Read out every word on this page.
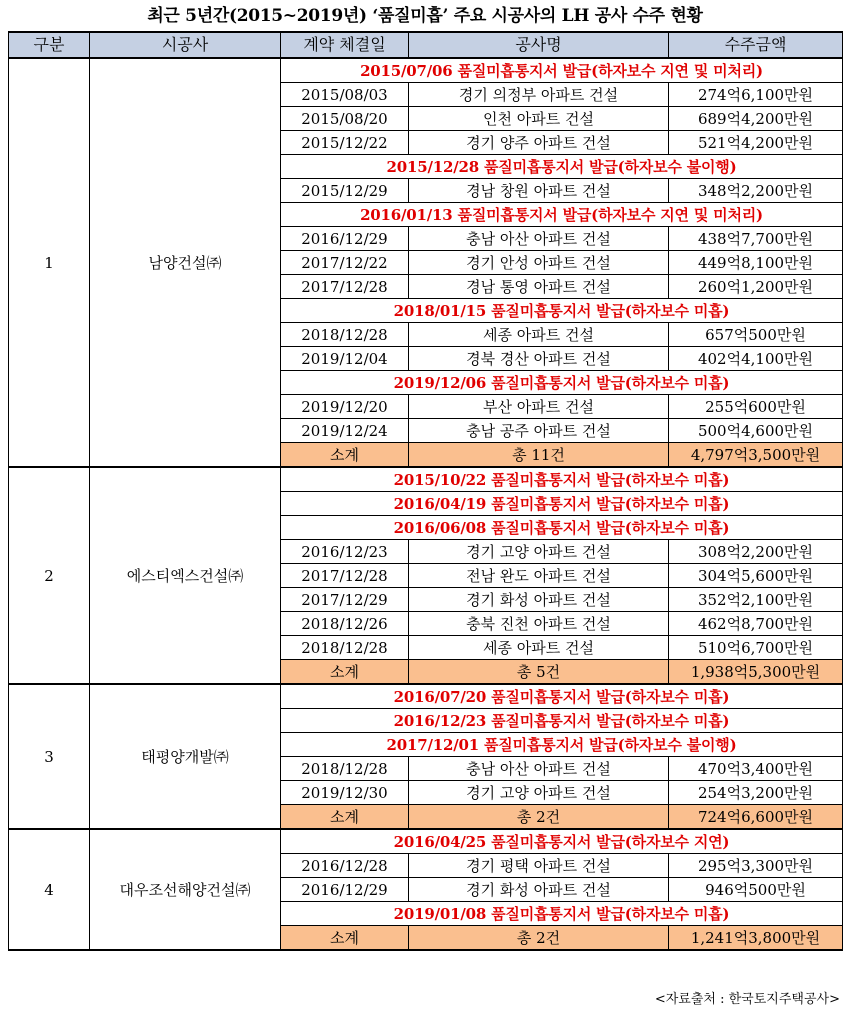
최근 5년간(2015~2019년) ‘품질미흡’ 주요 시공사의 LH 공사 수주 현황
구분	시공사	계약 체결일	공사명	수주금액
1	남양건설㈜	2015/07/06 품질미흡통지서 발급(하자보수 지연 및 미처리)		
		2015/08/03	경기 의정부 아파트 건설	274억6,100만원
		2015/08/20	인천 아파트 건설	689억4,200만원
		2015/12/22	경기 양주 아파트 건설	521억4,200만원
		2015/12/28 품질미흡통지서 발급(하자보수 불이행)		
		2015/12/29	경남 창원 아파트 건설	348억2,200만원
		2016/01/13 품질미흡통지서 발급(하자보수 지연 및 미처리)		
		2016/12/29	충남 아산 아파트 건설	438억7,700만원
		2017/12/22	경기 안성 아파트 건설	449억8,100만원
		2017/12/28	경남 통영 아파트 건설	260억1,200만원
		2018/01/15 품질미흡통지서 발급(하자보수 미흡)		
		2018/12/28	세종 아파트 건설	657억500만원
		2019/12/04	경북 경산 아파트 건설	402억4,100만원
		2019/12/06 품질미흡통지서 발급(하자보수 미흡)		
		2019/12/20	부산 아파트 건설	255억600만원
		2019/12/24	충남 공주 아파트 건설	500억4,600만원
		소계	총 11건	4,797억3,500만원
2	에스티엑스건설㈜	2015/10/22 품질미흡통지서 발급(하자보수 미흡)		
		2016/04/19 품질미흡통지서 발급(하자보수 미흡)		
		2016/06/08 품질미흡통지서 발급(하자보수 미흡)		
		2016/12/23	경기 고양 아파트 건설	308억2,200만원
		2017/12/28	전남 완도 아파트 건설	304억5,600만원
		2017/12/29	경기 화성 아파트 건설	352억2,100만원
		2018/12/26	충북 진천 아파트 건설	462억8,700만원
		2018/12/28	세종 아파트 건설	510억6,700만원
		소계	총 5건	1,938억5,300만원
3	태평양개발㈜	2016/07/20 품질미흡통지서 발급(하자보수 미흡)		
		2016/12/23 품질미흡통지서 발급(하자보수 미흡)		
		2017/12/01 품질미흡통지서 발급(하자보수 불이행)		
		2018/12/28	충남 아산 아파트 건설	470억3,400만원
		2019/12/30	경기 고양 아파트 건설	254억3,200만원
		소계	총 2건	724억6,600만원
4	대우조선해양건설㈜	2016/04/25 품질미흡통지서 발급(하자보수 지연)		
		2016/12/28	경기 평택 아파트 건설	295억3,300만원
		2016/12/29	경기 화성 아파트 건설	946억500만원
		2019/01/08 품질미흡통지서 발급(하자보수 미흡)		
		소계	총 2건	1,241억3,800만원
<자료출처 : 한국토지주택공사>
